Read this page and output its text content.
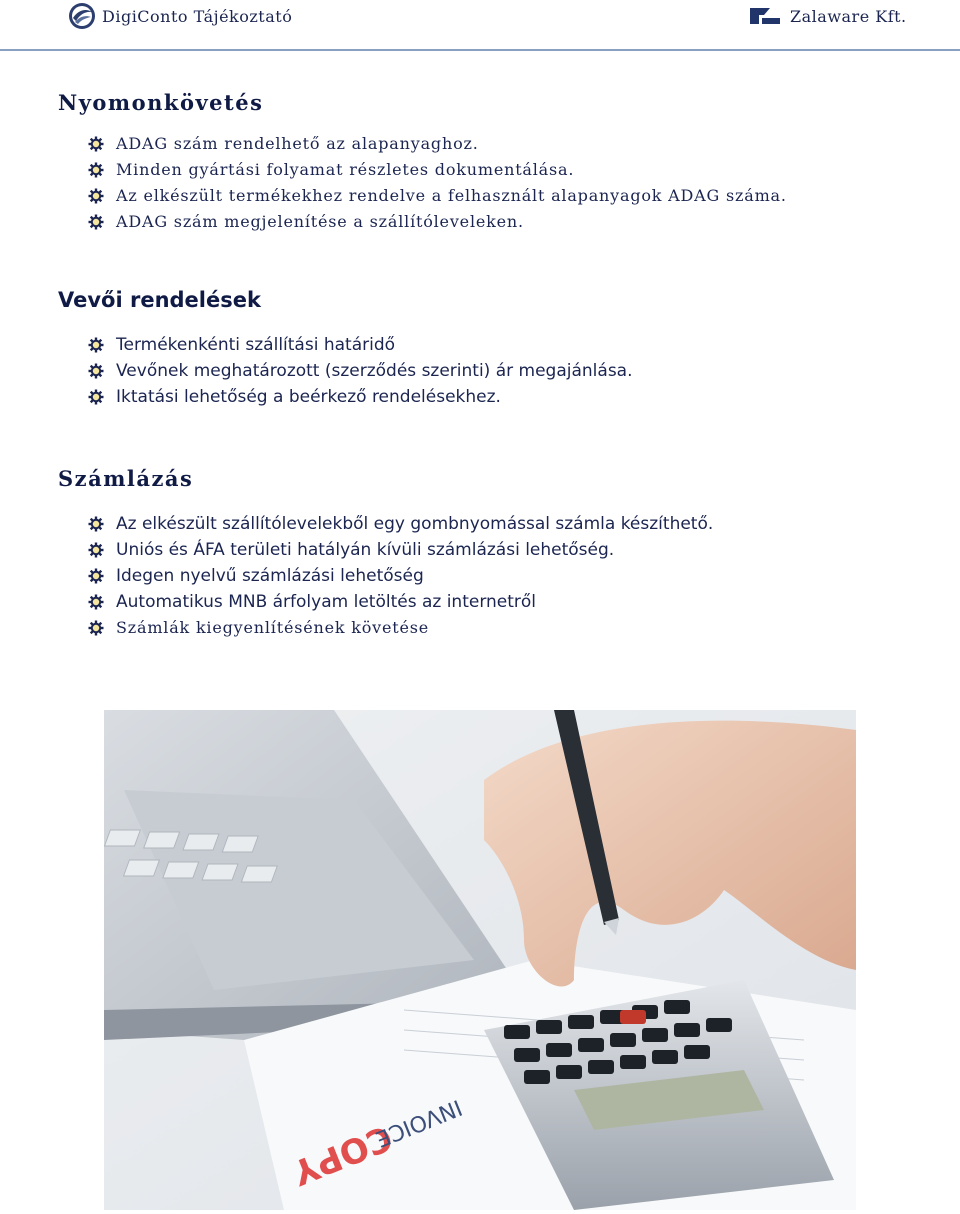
DigiConto Tájékoztató	Zalaware Kft.
Nyomonkövetés
ADAG szám rendelhető az alapanyaghoz.
Minden gyártási folyamat részletes dokumentálása.
Az elkészült termékekhez rendelve a felhasznált alapanyagok ADAG száma.
ADAG szám megjelenítése a szállítóleveleken.
Vevői rendelések
Termékenkénti szállítási határidő
Vevőnek meghatározott (szerződés szerinti) ár megajánlása.
Iktatási lehetőség a beérkező rendelésekhez.
Számlázás
Az elkészült szállítólevelekből egy gombnyomással számla készíthető.
Uniós és ÁFA területi hatályán kívüli számlázási lehetőség.
Idegen nyelvű számlázási lehetőség
Automatikus MNB árfolyam letöltés az internetről
Számlák kiegyenlítésének követése
COPY
INVOICE
